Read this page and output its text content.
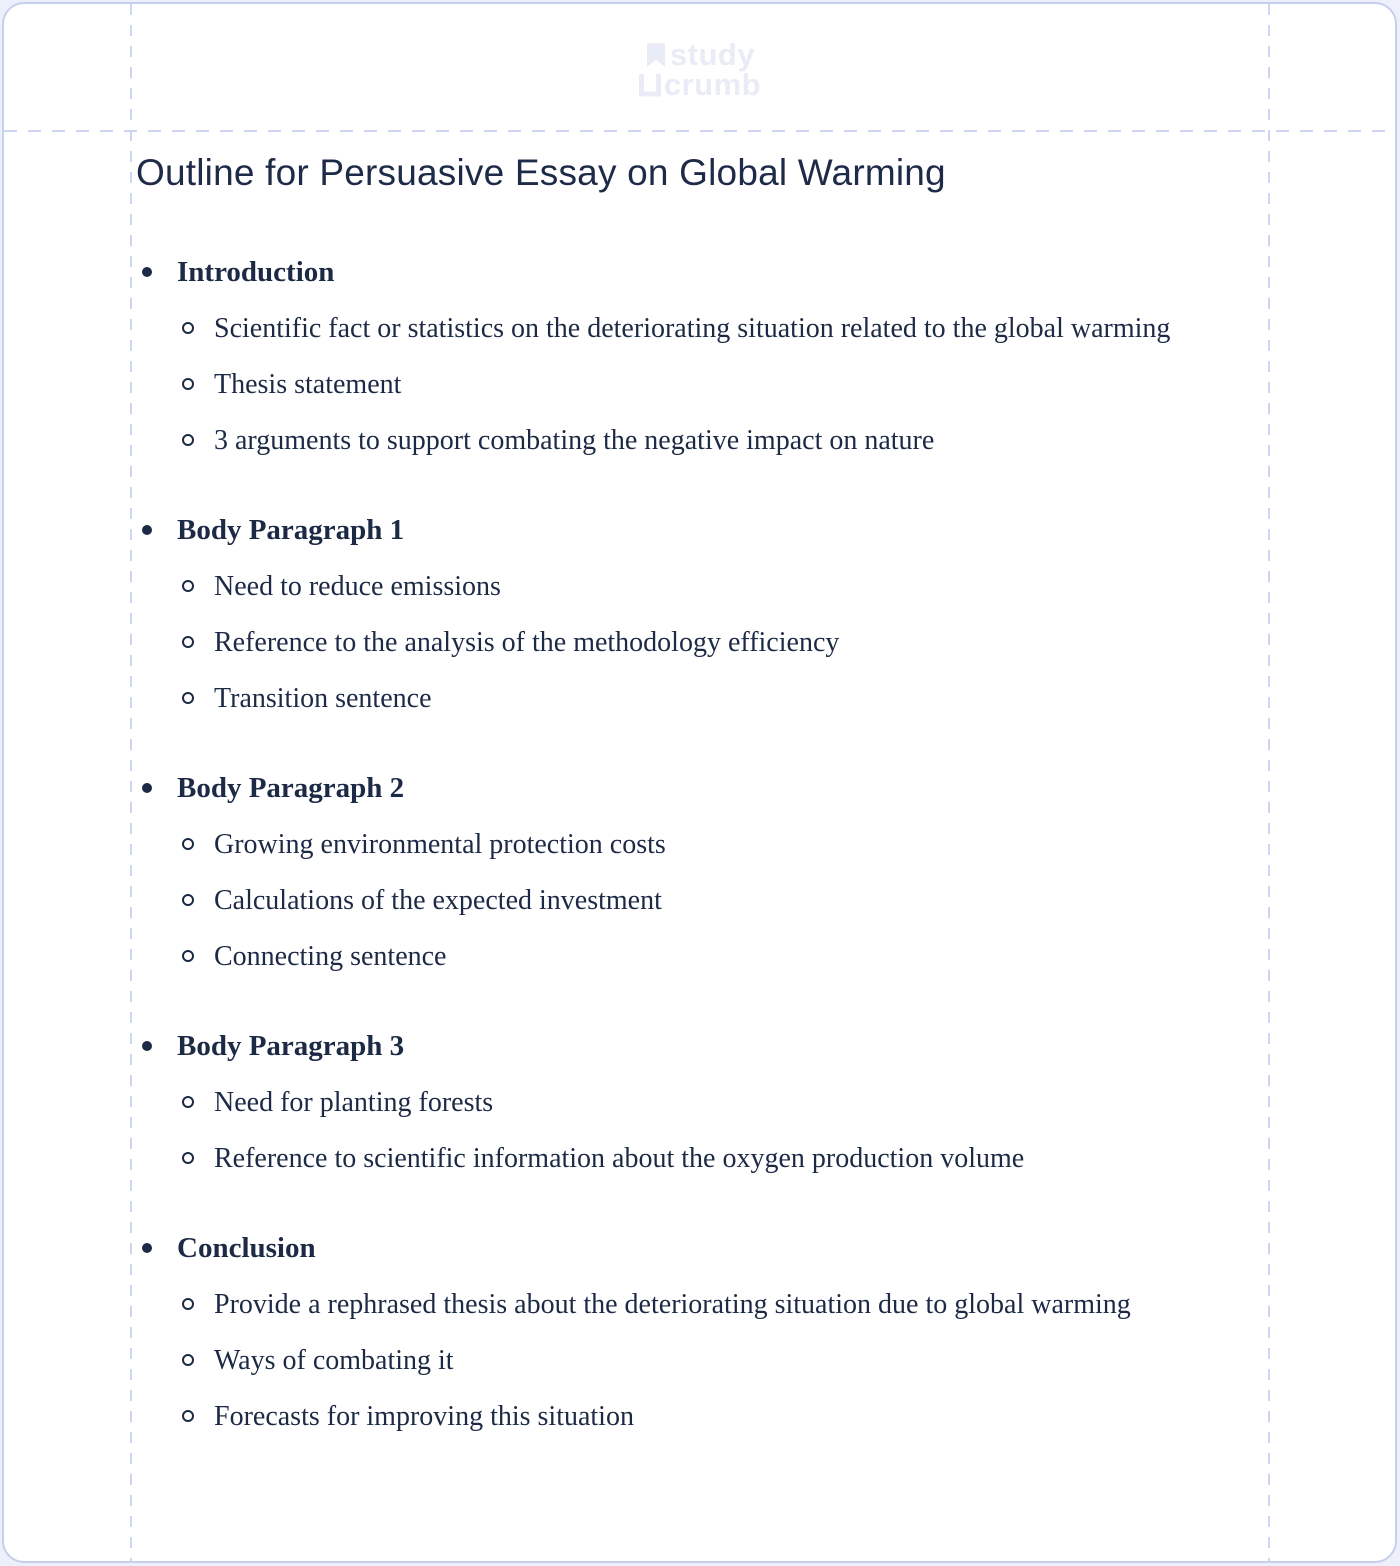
study
crumb
Outline for Persuasive Essay on Global Warming
Introduction
Scientific fact or statistics on the deteriorating situation related to the global warming
Thesis statement
3 arguments to support combating the negative impact on nature
Body Paragraph 1
Need to reduce emissions
Reference to the analysis of the methodology efficiency
Transition sentence
Body Paragraph 2
Growing environmental protection costs
Calculations of the expected investment
Connecting sentence
Body Paragraph 3
Need for planting forests
Reference to scientific information about the oxygen production volume
Conclusion
Provide a rephrased thesis about the deteriorating situation due to global warming
Ways of combating it
Forecasts for improving this situation
